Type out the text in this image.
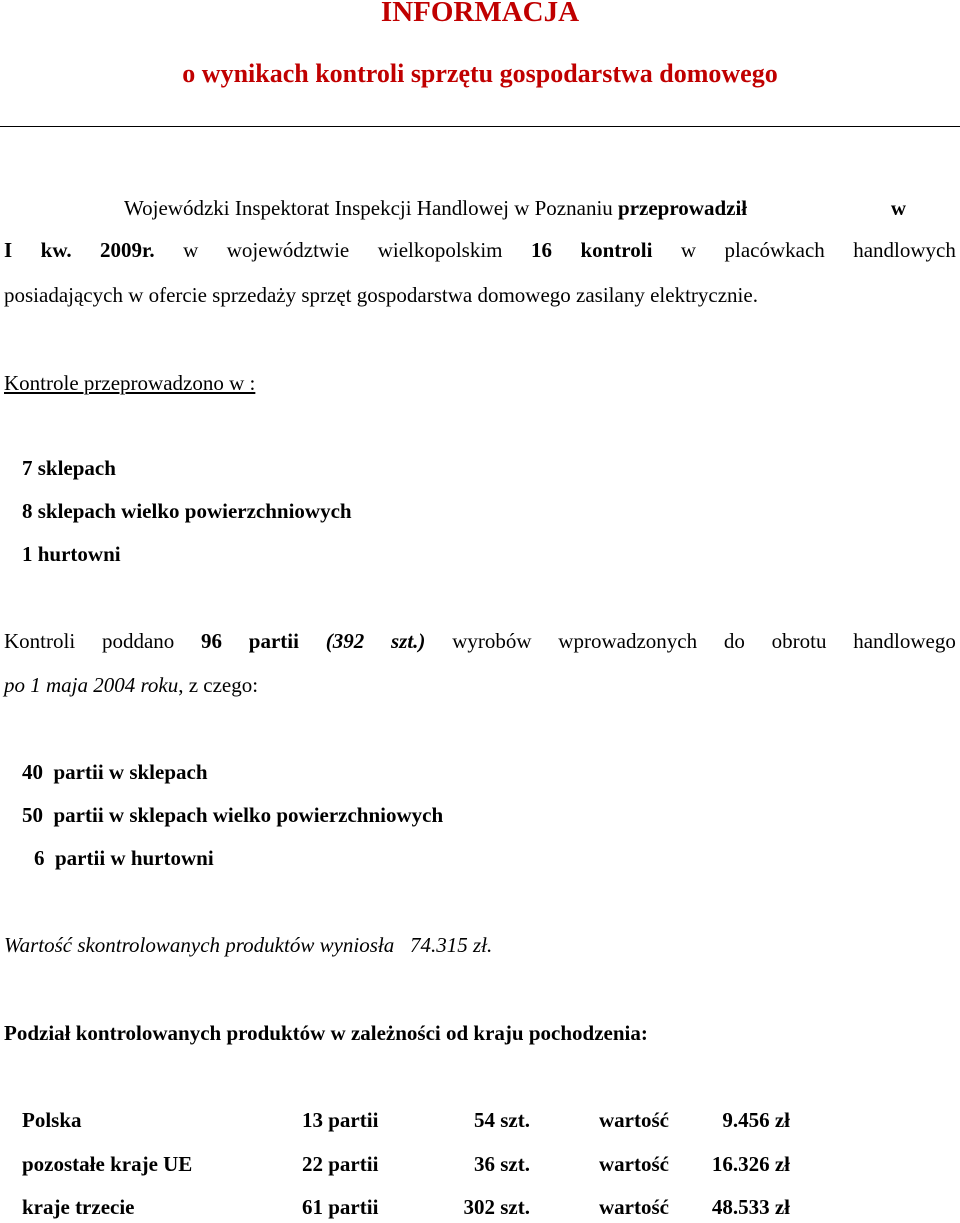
INFORMACJA
o wynikach kontroli sprzętu gospodarstwa domowego
Wojewódzki Inspektorat Inspekcji Handlowej w Poznaniu przeprowadził	w
I kw. 2009r. w województwie wielkopolskim 16 kontroli w placówkach handlowych
posiadających w ofercie sprzedaży sprzęt gospodarstwa domowego zasilany elektrycznie.
Kontrole przeprowadzono w :
7 sklepach
8 sklepach wielko powierzchniowych
1 hurtowni
Kontroli poddano 96 partii (392 szt.) wyrobów wprowadzonych do obrotu handlowego
po 1 maja 2004 roku, z czego:
40  partii w sklepach
50  partii w sklepach wielko powierzchniowych
6  partii w hurtowni
Wartość skontrolowanych produktów wyniosła   74.315 zł.
Podział kontrolowanych produktów w zależności od kraju pochodzenia:
Polska	13 partii	54 szt.	wartość	9.456 zł
pozostałe kraje UE	22 partii	36 szt.	wartość	16.326 zł
kraje trzecie	61 partii	302 szt.	wartość	48.533 zł
